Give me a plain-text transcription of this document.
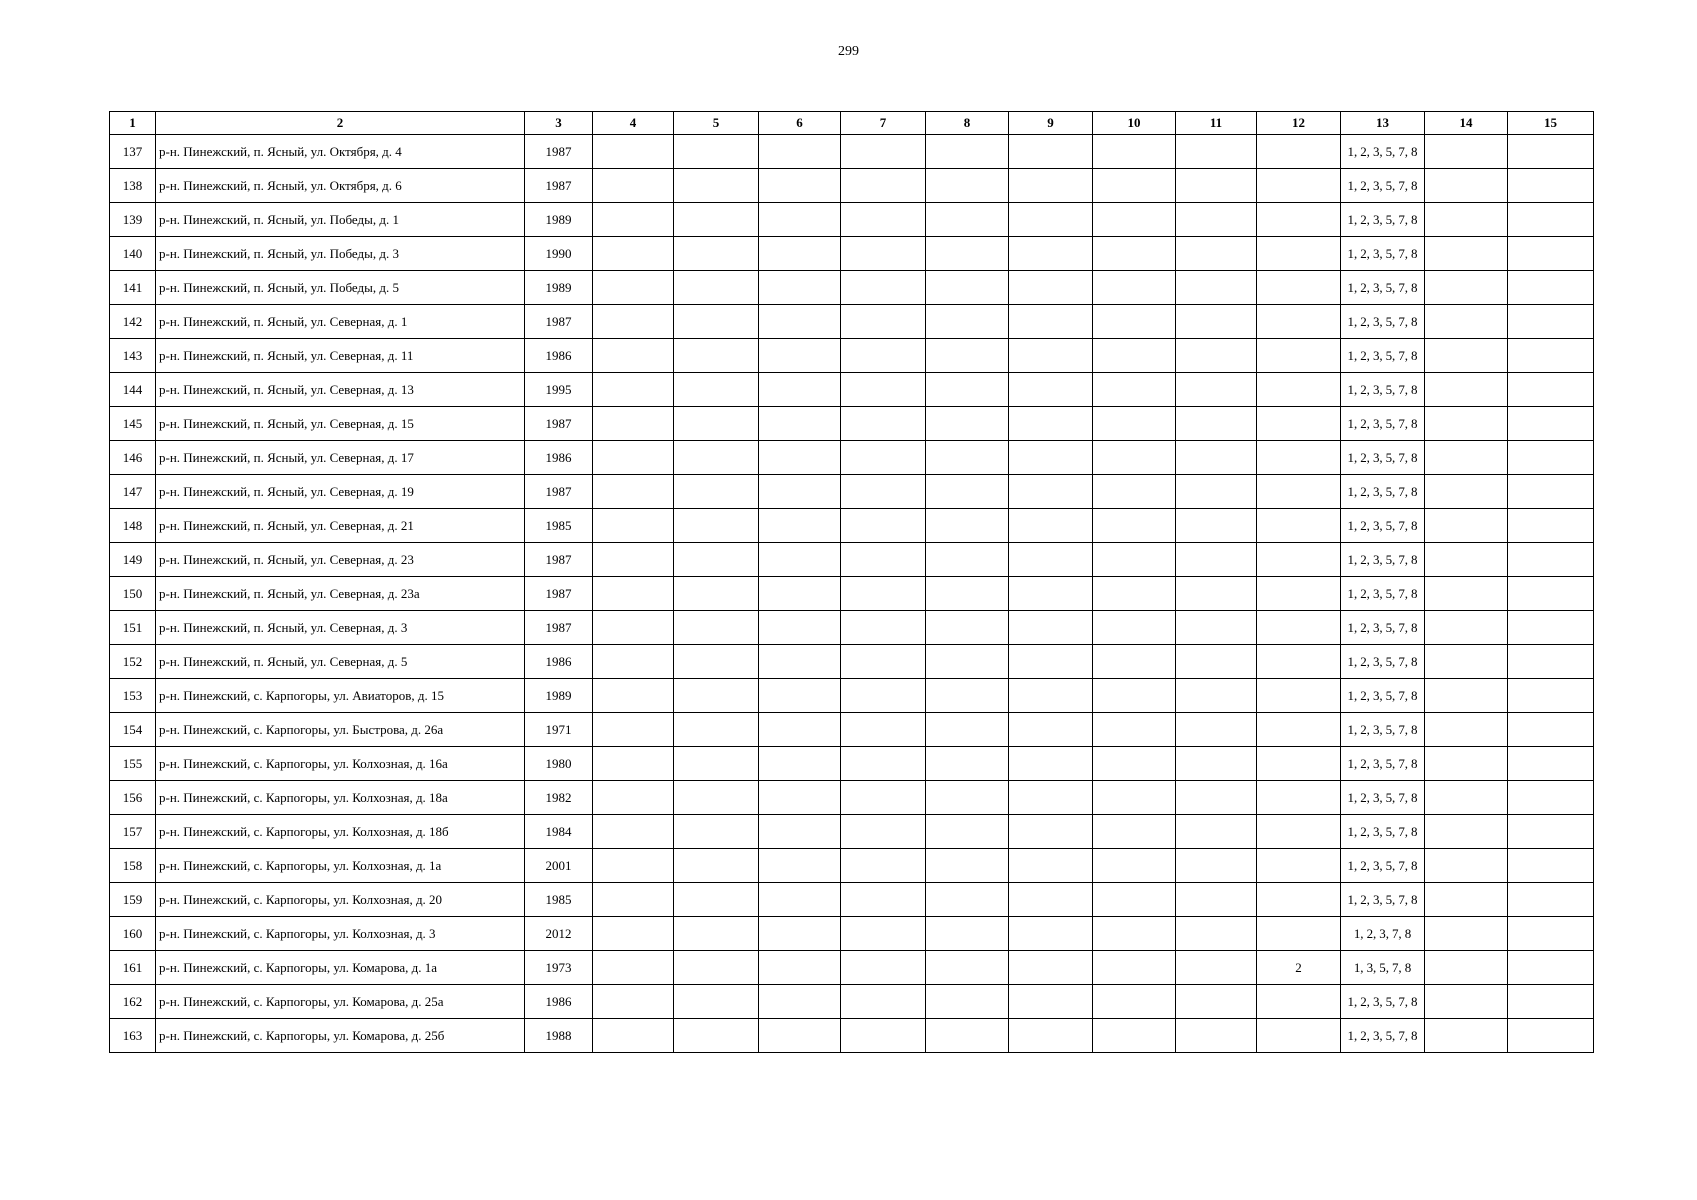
299
1	2	3	4	5	6	7	8	9	10	11	12	13	14	15
137	р-н. Пинежский, п. Ясный, ул. Октября, д. 4	1987										1, 2, 3, 5, 7, 8		
138	р-н. Пинежский, п. Ясный, ул. Октября, д. 6	1987										1, 2, 3, 5, 7, 8		
139	р-н. Пинежский, п. Ясный, ул. Победы, д. 1	1989										1, 2, 3, 5, 7, 8		
140	р-н. Пинежский, п. Ясный, ул. Победы, д. 3	1990										1, 2, 3, 5, 7, 8		
141	р-н. Пинежский, п. Ясный, ул. Победы, д. 5	1989										1, 2, 3, 5, 7, 8		
142	р-н. Пинежский, п. Ясный, ул. Северная, д. 1	1987										1, 2, 3, 5, 7, 8		
143	р-н. Пинежский, п. Ясный, ул. Северная, д. 11	1986										1, 2, 3, 5, 7, 8		
144	р-н. Пинежский, п. Ясный, ул. Северная, д. 13	1995										1, 2, 3, 5, 7, 8		
145	р-н. Пинежский, п. Ясный, ул. Северная, д. 15	1987										1, 2, 3, 5, 7, 8		
146	р-н. Пинежский, п. Ясный, ул. Северная, д. 17	1986										1, 2, 3, 5, 7, 8		
147	р-н. Пинежский, п. Ясный, ул. Северная, д. 19	1987										1, 2, 3, 5, 7, 8		
148	р-н. Пинежский, п. Ясный, ул. Северная, д. 21	1985										1, 2, 3, 5, 7, 8		
149	р-н. Пинежский, п. Ясный, ул. Северная, д. 23	1987										1, 2, 3, 5, 7, 8		
150	р-н. Пинежский, п. Ясный, ул. Северная, д. 23а	1987										1, 2, 3, 5, 7, 8		
151	р-н. Пинежский, п. Ясный, ул. Северная, д. 3	1987										1, 2, 3, 5, 7, 8		
152	р-н. Пинежский, п. Ясный, ул. Северная, д. 5	1986										1, 2, 3, 5, 7, 8		
153	р-н. Пинежский, с. Карпогоры, ул. Авиаторов, д. 15	1989										1, 2, 3, 5, 7, 8		
154	р-н. Пинежский, с. Карпогоры, ул. Быстрова, д. 26а	1971										1, 2, 3, 5, 7, 8		
155	р-н. Пинежский, с. Карпогоры, ул. Колхозная, д. 16а	1980										1, 2, 3, 5, 7, 8		
156	р-н. Пинежский, с. Карпогоры, ул. Колхозная, д. 18а	1982										1, 2, 3, 5, 7, 8		
157	р-н. Пинежский, с. Карпогоры, ул. Колхозная, д. 18б	1984										1, 2, 3, 5, 7, 8		
158	р-н. Пинежский, с. Карпогоры, ул. Колхозная, д. 1а	2001										1, 2, 3, 5, 7, 8		
159	р-н. Пинежский, с. Карпогоры, ул. Колхозная, д. 20	1985										1, 2, 3, 5, 7, 8		
160	р-н. Пинежский, с. Карпогоры, ул. Колхозная, д. 3	2012										1, 2, 3, 7, 8		
161	р-н. Пинежский, с. Карпогоры, ул. Комарова, д. 1а	1973									2	1, 3, 5, 7, 8		
162	р-н. Пинежский, с. Карпогоры, ул. Комарова, д. 25а	1986										1, 2, 3, 5, 7, 8		
163	р-н. Пинежский, с. Карпогоры, ул. Комарова, д. 25б	1988										1, 2, 3, 5, 7, 8		
